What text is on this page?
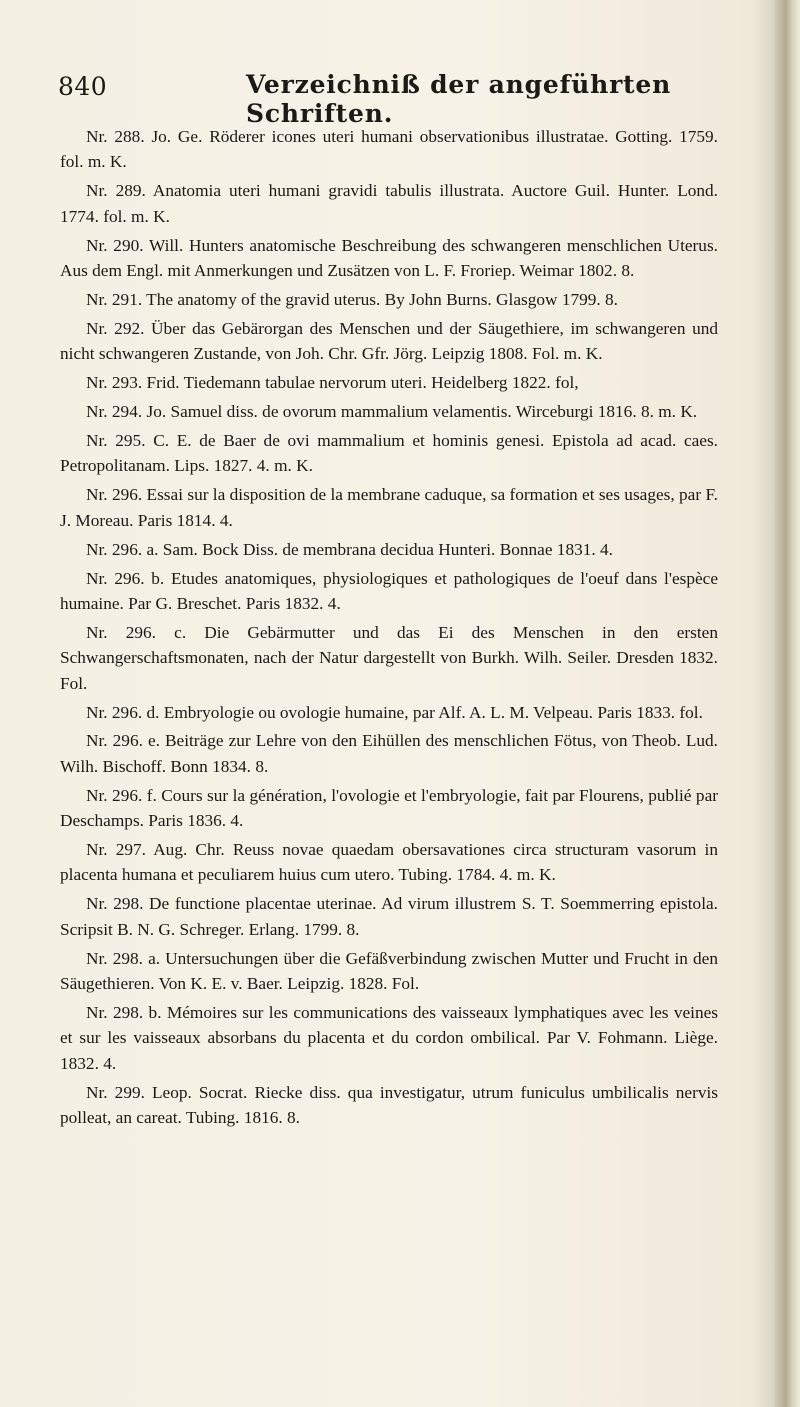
840	Verzeichniß der angeführten Schriften.

Nr. 288. Jo. Ge. Röderer icones uteri humani observationibus illustratae. Gotting. 1759. fol. m. K.

Nr. 289. Anatomia uteri humani gravidi tabulis illustrata. Auctore Guil. Hunter. Lond. 1774. fol. m. K.

Nr. 290. Will. Hunters anatomische Beschreibung des schwangeren menschlichen Uterus. Aus dem Engl. mit Anmerkungen und Zusätzen von L. F. Froriep. Weimar 1802. 8.

Nr. 291. The anatomy of the gravid uterus. By John Burns. Glasgow 1799. 8.

Nr. 292. Über das Gebärorgan des Menschen und der Säugethiere, im schwangeren und nicht schwangeren Zustande, von Joh. Chr. Gfr. Jörg. Leipzig 1808. Fol. m. K.

Nr. 293. Frid. Tiedemann tabulae nervorum uteri. Heidelberg 1822. fol,

Nr. 294. Jo. Samuel diss. de ovorum mammalium velamentis. Wirceburgi 1816. 8. m. K.

Nr. 295. C. E. de Baer de ovi mammalium et hominis genesi. Epistola ad acad. caes. Petropolitanam. Lips. 1827. 4. m. K.

Nr. 296. Essai sur la disposition de la membrane caduque, sa formation et ses usages, par F. J. Moreau. Paris 1814. 4.

Nr. 296. a. Sam. Bock Diss. de membrana decidua Hunteri. Bonnae 1831. 4.

Nr. 296. b. Etudes anatomiques, physiologiques et pathologiques de l'oeuf dans l'espèce humaine. Par G. Breschet. Paris 1832. 4.

Nr. 296. c. Die Gebärmutter und das Ei des Menschen in den ersten Schwangerschaftsmonaten, nach der Natur dargestellt von Burkh. Wilh. Seiler. Dresden 1832. Fol.

Nr. 296. d. Embryologie ou ovologie humaine, par Alf. A. L. M. Velpeau. Paris 1833. fol.

Nr. 296. e. Beiträge zur Lehre von den Eihüllen des menschlichen Fötus, von Theob. Lud. Wilh. Bischoff. Bonn 1834. 8.

Nr. 296. f. Cours sur la génération, l'ovologie et l'embryologie, fait par Flourens, publié par Deschamps. Paris 1836. 4.

Nr. 297. Aug. Chr. Reuss novae quaedam obersavationes circa structuram vasorum in placenta humana et peculiarem huius cum utero. Tubing. 1784. 4. m. K.

Nr. 298. De functione placentae uterinae. Ad virum illustrem S. T. Soemmerring epistola. Scripsit B. N. G. Schreger. Erlang. 1799. 8.

Nr. 298. a. Untersuchungen über die Gefäßverbindung zwischen Mutter und Frucht in den Säugethieren. Von K. E. v. Baer. Leipzig. 1828. Fol.

Nr. 298. b. Mémoires sur les communications des vaisseaux lymphatiques avec les veines et sur les vaisseaux absorbans du placenta et du cordon ombilical. Par V. Fohmann. Liège. 1832. 4.

Nr. 299. Leop. Socrat. Riecke diss. qua investigatur, utrum funiculus umbilicalis nervis polleat, an careat. Tubing. 1816. 8.
